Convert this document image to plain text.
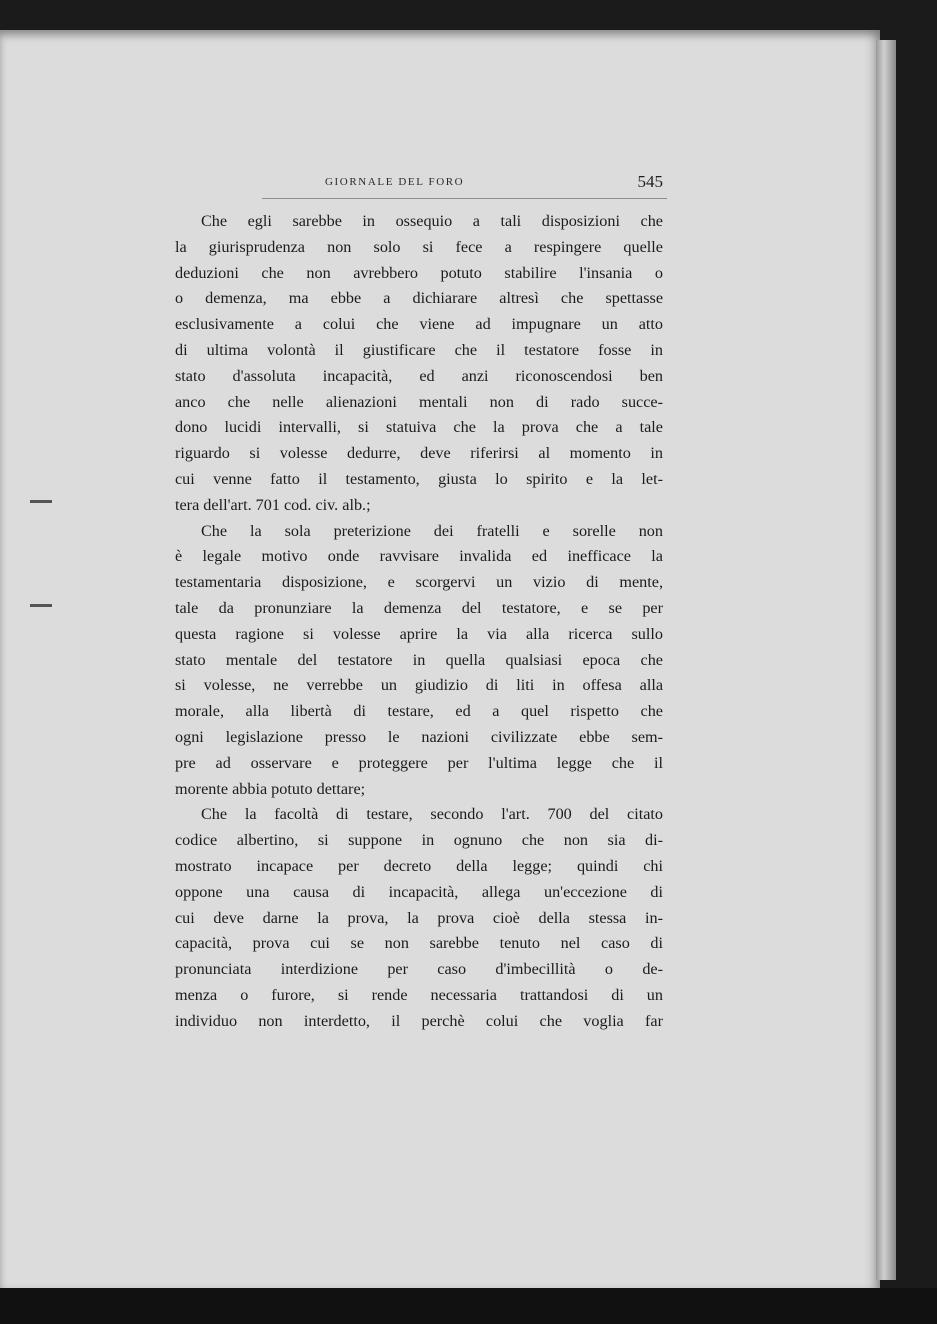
GIORNALE DEL FORO	545
Che egli sarebbe in ossequio a tali disposizioni che
la giurisprudenza non solo si fece a respingere quelle
deduzioni che non avrebbero potuto stabilire l'insania o
o demenza, ma ebbe a dichiarare altresì che spettasse
esclusivamente a colui che viene ad impugnare un atto
di ultima volontà il giustificare che il testatore fosse in
stato d'assoluta incapacità, ed anzi riconoscendosi ben
anco che nelle alienazioni mentali non di rado succe-
dono lucidi intervalli, si statuiva che la prova che a tale
riguardo si volesse dedurre, deve riferirsi al momento in
cui venne fatto il testamento, giusta lo spirito e la let-
tera dell'art. 701 cod. civ. alb.;
Che la sola preterizione dei fratelli e sorelle non
è legale motivo onde ravvisare invalida ed inefficace la
testamentaria disposizione, e scorgervi un vizio di mente,
tale da pronunziare la demenza del testatore, e se per
questa ragione si volesse aprire la via alla ricerca sullo
stato mentale del testatore in quella qualsiasi epoca che
si volesse, ne verrebbe un giudizio di liti in offesa alla
morale, alla libertà di testare, ed a quel rispetto che
ogni legislazione presso le nazioni civilizzate ebbe sem-
pre ad osservare e proteggere per l'ultima legge che il
morente abbia potuto dettare;
Che la facoltà di testare, secondo l'art. 700 del citato
codice albertino, si suppone in ognuno che non sia di-
mostrato incapace per decreto della legge; quindi chi
oppone una causa di incapacità, allega un'eccezione di
cui deve darne la prova, la prova cioè della stessa in-
capacità, prova cui se non sarebbe tenuto nel caso di
pronunciata interdizione per caso d'imbecillità o de-
menza o furore, si rende necessaria trattandosi di un
individuo non interdetto, il perchè colui che voglia far
